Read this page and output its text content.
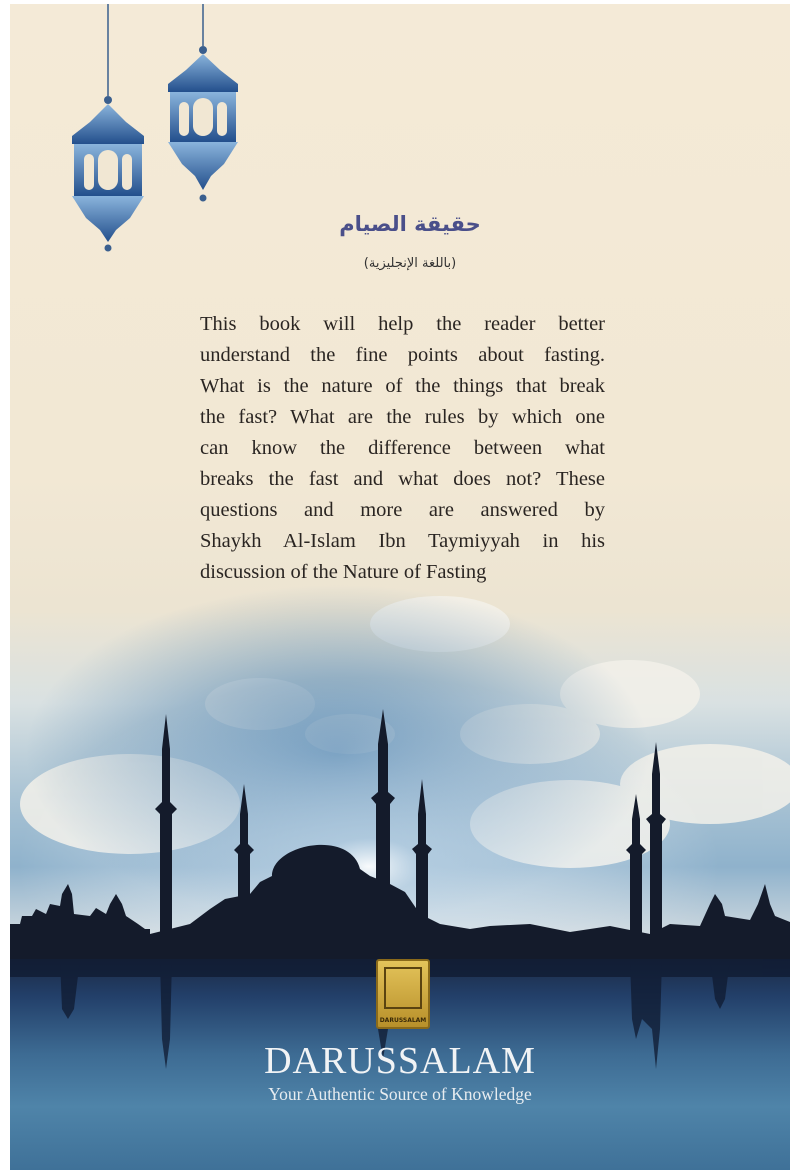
حقيقة الصيام
(باللغة الإنجليزية)
This book will help the reader better
understand the fine points about fasting.
What is the nature of the things that break
the fast? What are the rules by which one
can know the difference between what
breaks the fast and what does not? These
questions and more are answered by
Shaykh Al-Islam Ibn Taymiyyah in his
DARUSSALAM
DARUSSALAM
Your Authentic Source of Knowledge
